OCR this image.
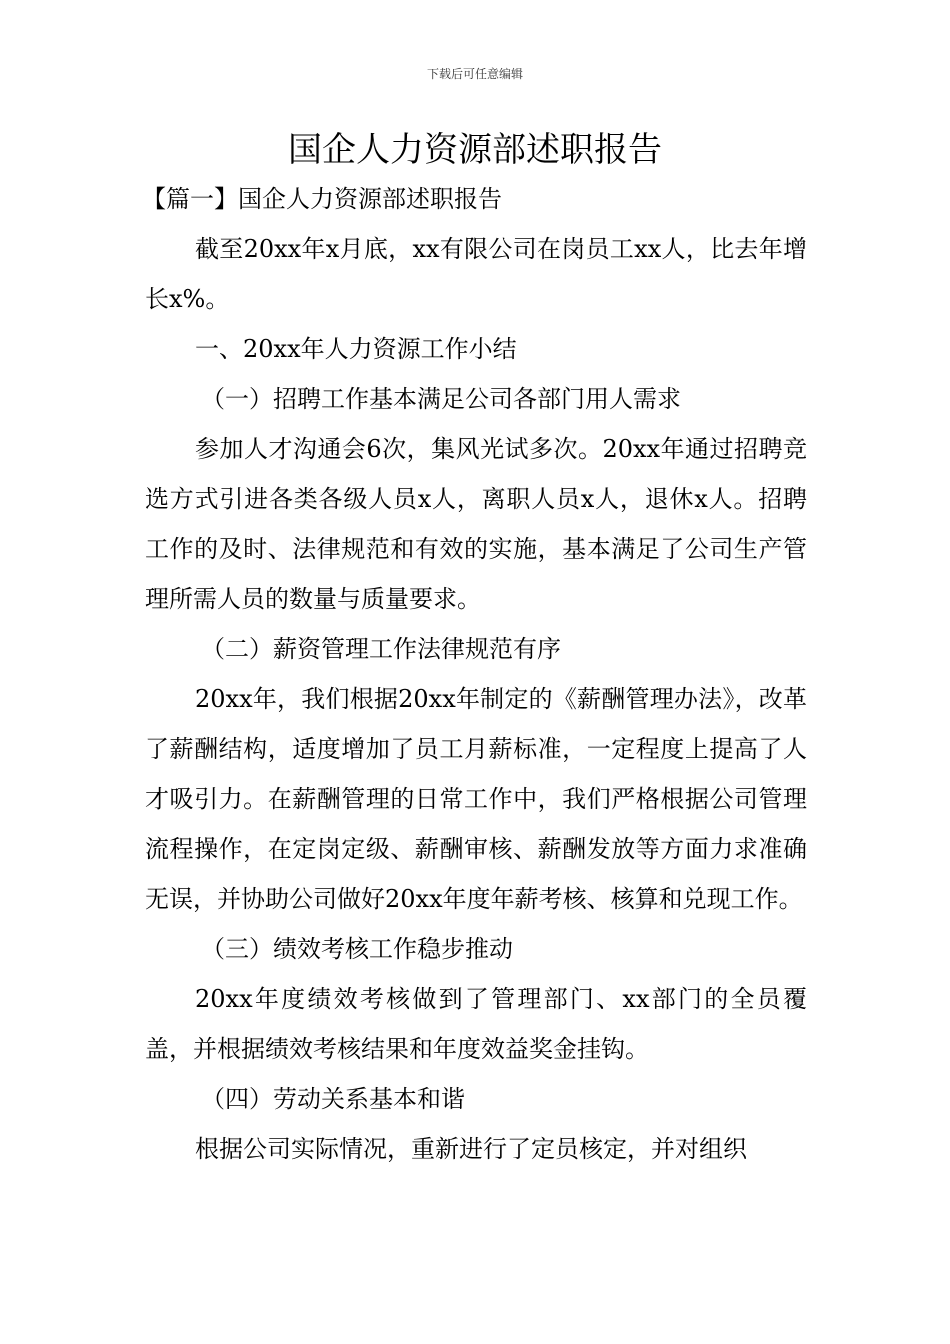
下载后可任意编辑
国企人力资源部述职报告

【篇一】国企人力资源部述职报告

截至20xx年x月底，xx有限公司在岗员工xx人，比去年增长x%。

一、20xx年人力资源工作小结

（一）招聘工作基本满足公司各部门用人需求

参加人才沟通会6次，集风光试多次。20xx年通过招聘竞选方式引进各类各级人员x人，离职人员x人，退休x人。招聘工作的及时、法律规范和有效的实施，基本满足了公司生产管理所需人员的数量与质量要求。

（二）薪资管理工作法律规范有序

20xx年，我们根据20xx年制定的《薪酬管理办法》，改革了薪酬结构，适度增加了员工月薪标准，一定程度上提高了人才吸引力。在薪酬管理的日常工作中，我们严格根据公司管理流程操作，在定岗定级、薪酬审核、薪酬发放等方面力求准确无误，并协助公司做好20xx年度年薪考核、核算和兑现工作。

（三）绩效考核工作稳步推动

20xx年度绩效考核做到了管理部门、xx部门的全员覆盖，并根据绩效考核结果和年度效益奖金挂钩。

（四）劳动关系基本和谐

根据公司实际情况，重新进行了定员核定，并对组织
